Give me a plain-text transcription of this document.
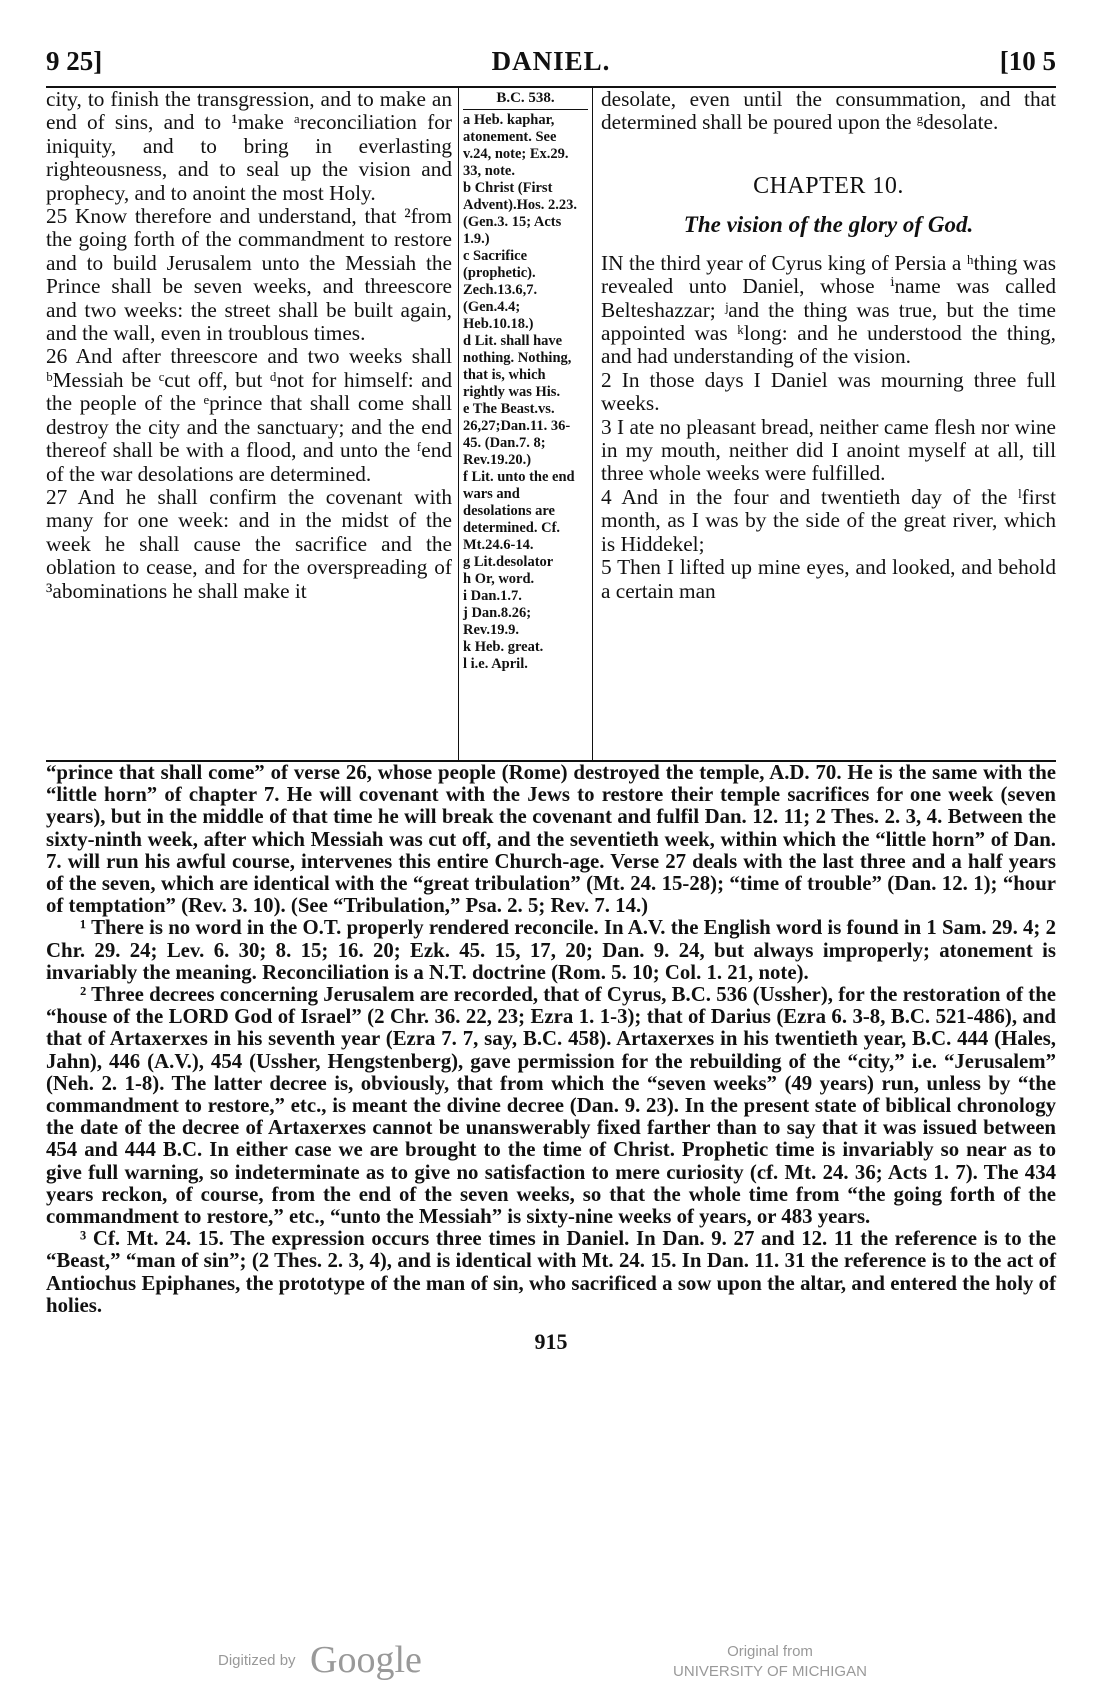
9 25]	DANIEL.	[10 5

city, to finish the transgression, and to make an end of sins, and to ¹make ᵃreconciliation for iniquity, and to bring in everlasting righteousness, and to seal up the vision and prophecy, and to anoint the most Holy.

25 Know therefore and understand, that ²from the going forth of the commandment to restore and to build Jerusalem unto the Messiah the Prince shall be seven weeks, and threescore and two weeks: the street shall be built again, and the wall, even in troublous times.

26 And after threescore and two weeks shall ᵇMessiah be ᶜcut off, but ᵈnot for himself: and the people of the ᵉprince that shall come shall destroy the city and the sanctuary; and the end thereof shall be with a flood, and unto the ᶠend of the war desolations are determined.

27 And he shall confirm the covenant with many for one week: and in the midst of the week he shall cause the sacrifice and the oblation to cease, and for the overspreading of ³abominations he shall make it

B.C. 538.

a Heb. kaphar, atonement. See v.24, note; Ex.29. 33, note.

b Christ (First Advent).Hos. 2.23. (Gen.3. 15; Acts 1.9.)

c Sacrifice (prophetic). Zech.13.6,7. (Gen.4.4; Heb.10.18.)

d Lit. shall have nothing. Nothing, that is, which rightly was His.

e The Beast.vs. 26,27;Dan.11. 36-45. (Dan.7. 8; Rev.19.20.)

f Lit. unto the end wars and desolations are determined. Cf. Mt.24.6-14.

g Lit.desolator

h Or, word.

i Dan.1.7.

j Dan.8.26; Rev.19.9.

k Heb. great.

l i.e. April.

desolate, even until the consummation, and that determined shall be poured upon the ᵍdesolate.

CHAPTER 10.
The vision of the glory of God.

IN the third year of Cyrus king of Persia a ʰthing was revealed unto Daniel, whose ⁱname was called Belteshazzar; ʲand the thing was true, but the time appointed was ᵏlong: and he understood the thing, and had understanding of the vision.

2 In those days I Daniel was mourning three full weeks.

3 I ate no pleasant bread, neither came flesh nor wine in my mouth, neither did I anoint myself at all, till three whole weeks were fulfilled.

4 And in the four and twentieth day of the ˡfirst month, as I was by the side of the great river, which is Hiddekel;

5 Then I lifted up mine eyes, and looked, and behold a certain man

“prince that shall come” of verse 26, whose people (Rome) destroyed the temple, A.D. 70. He is the same with the “little horn” of chapter 7. He will covenant with the Jews to restore their temple sacrifices for one week (seven years), but in the middle of that time he will break the covenant and fulfil Dan. 12. 11; 2 Thes. 2. 3, 4. Between the sixty-ninth week, after which Messiah was cut off, and the seventieth week, within which the “little horn” of Dan. 7. will run his awful course, intervenes this entire Church-age. Verse 27 deals with the last three and a half years of the seven, which are identical with the “great tribulation” (Mt. 24. 15-28); “time of trouble” (Dan. 12. 1); “hour of temptation” (Rev. 3. 10). (See “Tribulation,” Psa. 2. 5; Rev. 7. 14.)

¹ There is no word in the O.T. properly rendered reconcile. In A.V. the English word is found in 1 Sam. 29. 4; 2 Chr. 29. 24; Lev. 6. 30; 8. 15; 16. 20; Ezk. 45. 15, 17, 20; Dan. 9. 24, but always improperly; atonement is invariably the meaning. Reconciliation is a N.T. doctrine (Rom. 5. 10; Col. 1. 21, note).

² Three decrees concerning Jerusalem are recorded, that of Cyrus, B.C. 536 (Ussher), for the restoration of the “house of the LORD God of Israel” (2 Chr. 36. 22, 23; Ezra 1. 1-3); that of Darius (Ezra 6. 3-8, B.C. 521-486), and that of Artaxerxes in his seventh year (Ezra 7. 7, say, B.C. 458). Artaxerxes in his twentieth year, B.C. 444 (Hales, Jahn), 446 (A.V.), 454 (Ussher, Hengstenberg), gave permission for the rebuilding of the “city,” i.e. “Jerusalem” (Neh. 2. 1-8). The latter decree is, obviously, that from which the “seven weeks” (49 years) run, unless by “the commandment to restore,” etc., is meant the divine decree (Dan. 9. 23). In the present state of biblical chronology the date of the decree of Artaxerxes cannot be unanswerably fixed farther than to say that it was issued between 454 and 444 B.C. In either case we are brought to the time of Christ. Prophetic time is invariably so near as to give full warning, so indeterminate as to give no satisfaction to mere curiosity (cf. Mt. 24. 36; Acts 1. 7). The 434 years reckon, of course, from the end of the seven weeks, so that the whole time from “the going forth of the commandment to restore,” etc., “unto the Messiah” is sixty-nine weeks of years, or 483 years.

³ Cf. Mt. 24. 15. The expression occurs three times in Daniel. In Dan. 9. 27 and 12. 11 the reference is to the “Beast,” “man of sin”; (2 Thes. 2. 3, 4), and is identical with Mt. 24. 15. In Dan. 11. 31 the reference is to the act of Antiochus Epiphanes, the prototype of the man of sin, who sacrificed a sow upon the altar, and entered the holy of holies.

915
Digitized by Google	Original from
UNIVERSITY OF MICHIGAN
